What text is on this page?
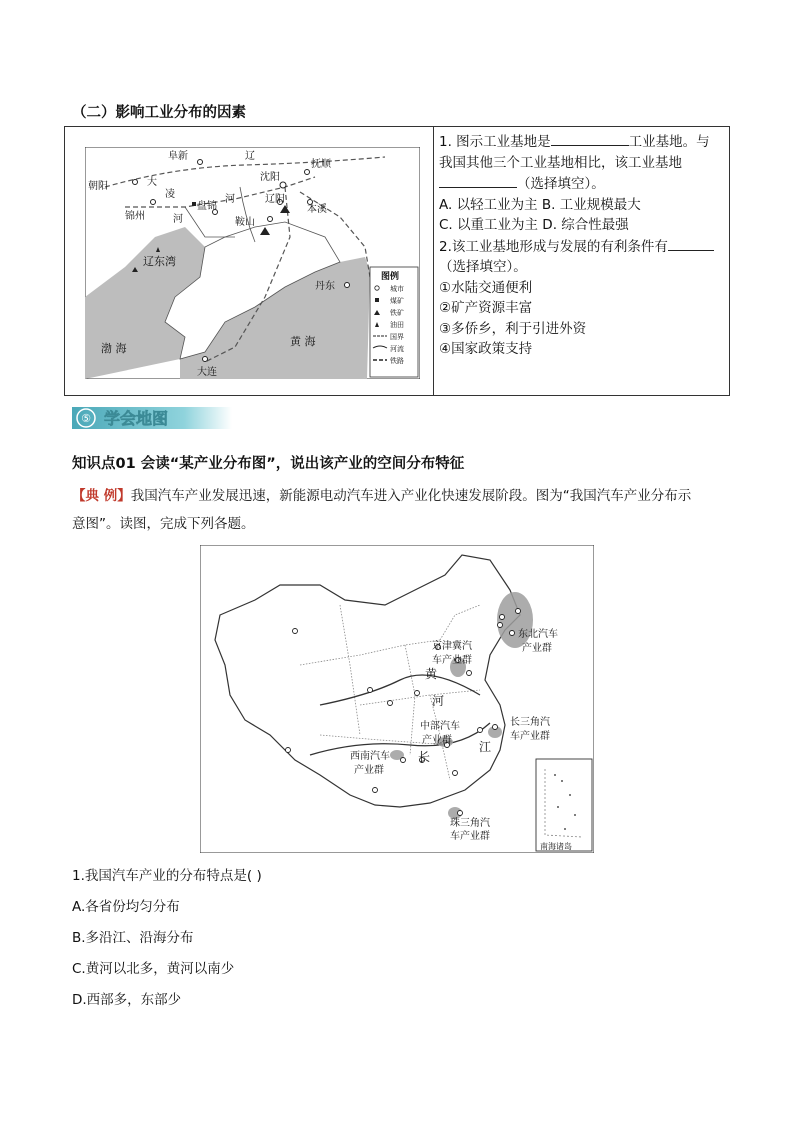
（二）影响工业分布的因素
阜新
沈阳
抚顺
朝阳
锦州
盘锦
辽阳
鞍山
本溪
丹东
大连
大
凌
河
辽
河
辽东湾
渤 海
黄 海
图例
城市
煤矿
铁矿
油田
国界
河流
铁路
1. 图示工业基地是	工业基地。与
我国其他三个工业基地相比，该工业基地
（选择填空）。
A. 以轻工业为主 B. 工业规模最大
C. 以重工业为主 D. 综合性最强
2.该工业基地形成与发展的有利条件有
（选择填空）。
①水陆交通便利
②矿产资源丰富
③多侨乡，利于引进外资
④国家政策支持
⑤ 学会地图
知识点01 会读“某产业分布图”，说出该产业的空间分布特征
【典 例】我国汽车产业发展迅速，新能源电动汽车进入产业化快速发展阶段。图为“我国汽车产业分布示
意图”。读图，完成下列各题。
京津冀汽
车产业群
东北汽车
产业群
黄
河
中部汽车
产业群
长三角汽
车产业群
西南汽车
产业群
长
江
珠三角汽
车产业群
南海诸岛
1.我国汽车产业的分布特点是( )
A.各省份均匀分布
B.多沿江、沿海分布
C.黄河以北多，黄河以南少
D.西部多，东部少
